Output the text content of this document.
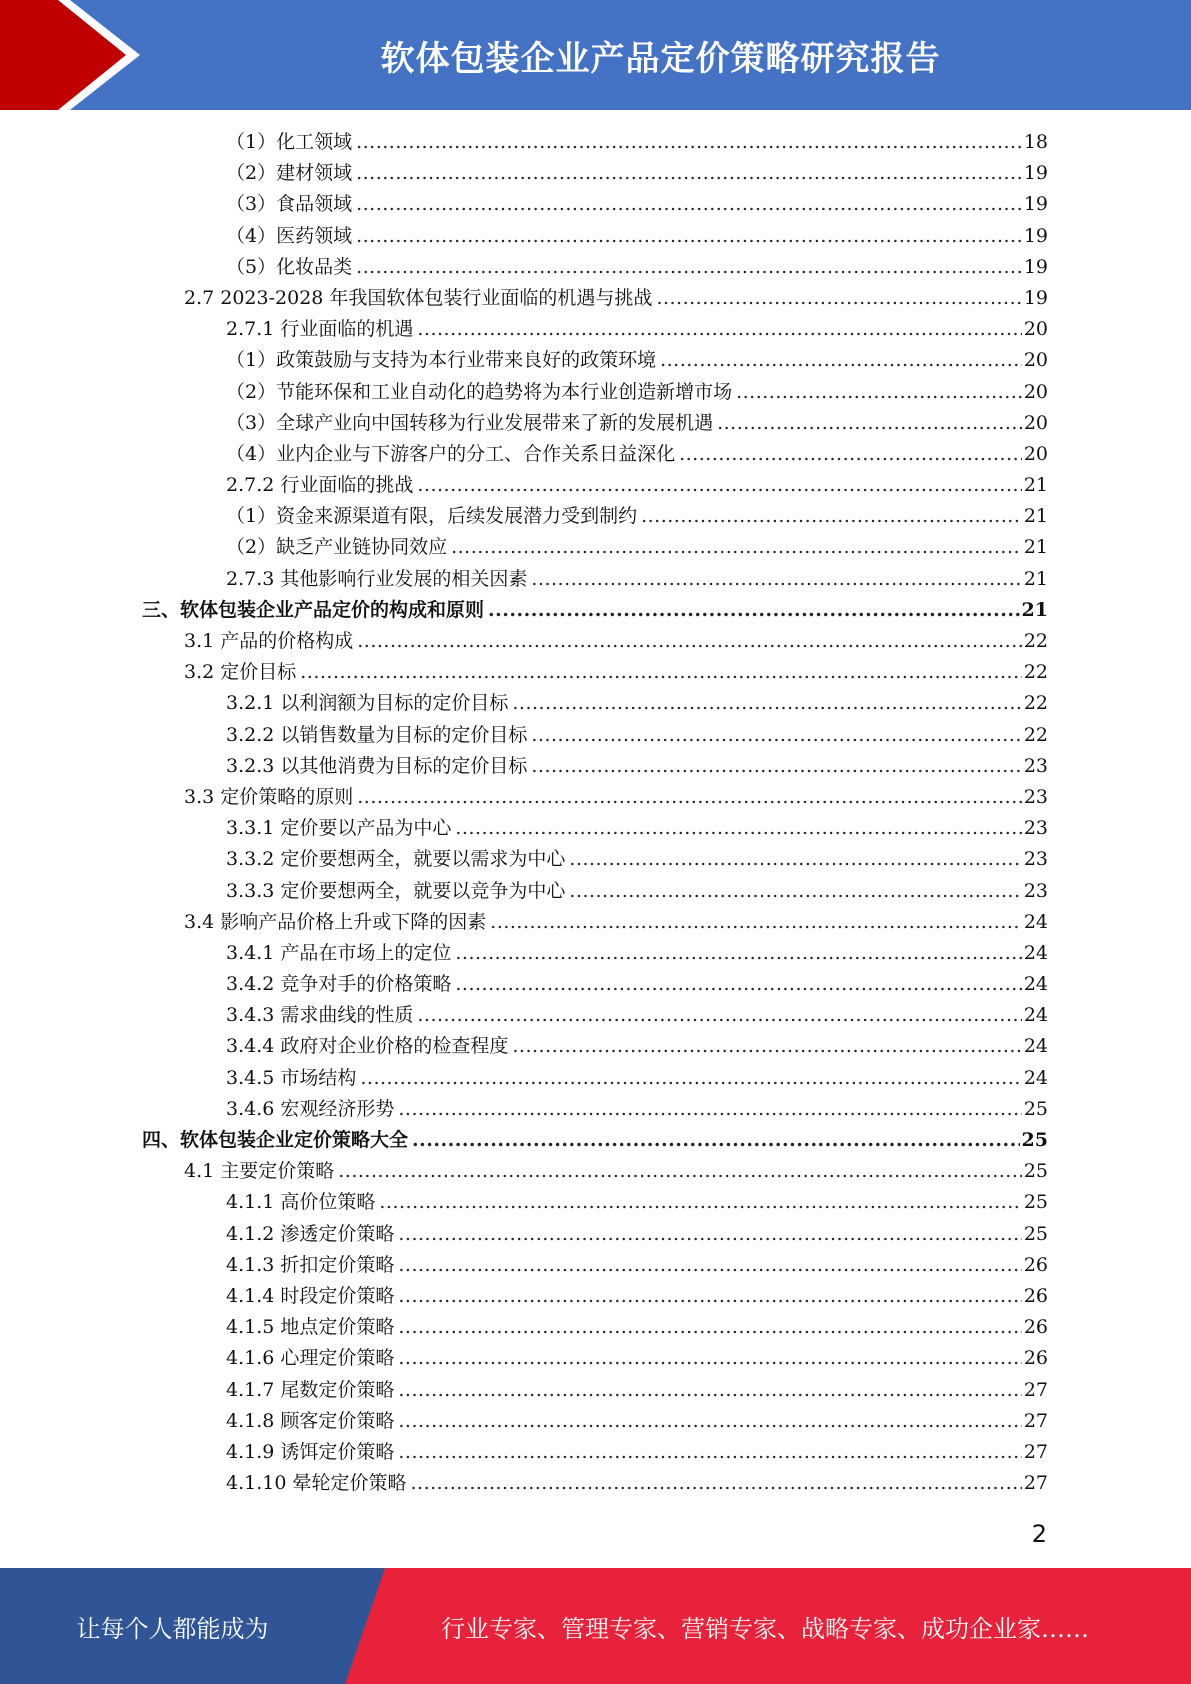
软体包装企业产品定价策略研究报告
（1）化工领域 .....	18
（2）建材领域 .....	19
（3）食品领域 .....	19
（4）医药领域 .....	19
（5）化妆品类 .....	19
2.7 2023-2028 年我国软体包装行业面临的机遇与挑战 .....	19
2.7.1 行业面临的机遇 .....	20
（1）政策鼓励与支持为本行业带来良好的政策环境 .....	20
（2）节能环保和工业自动化的趋势将为本行业创造新增市场 .....	20
（3）全球产业向中国转移为行业发展带来了新的发展机遇 .....	20
（4）业内企业与下游客户的分工、合作关系日益深化 .....	20
2.7.2 行业面临的挑战 .....	21
（1）资金来源渠道有限，后续发展潜力受到制约 .....	21
（2）缺乏产业链协同效应 .....	21
2.7.3 其他影响行业发展的相关因素 .....	21
三、软体包装企业产品定价的构成和原则 .....	21
3.1 产品的价格构成 .....	22
3.2 定价目标 .....	22
3.2.1 以利润额为目标的定价目标 .....	22
3.2.2 以销售数量为目标的定价目标 .....	22
3.2.3 以其他消费为目标的定价目标 .....	23
3.3 定价策略的原则 .....	23
3.3.1 定价要以产品为中心 .....	23
3.3.2 定价要想两全，就要以需求为中心 .....	23
3.3.3 定价要想两全，就要以竞争为中心 .....	23
3.4 影响产品价格上升或下降的因素 .....	24
3.4.1 产品在市场上的定位 .....	24
3.4.2 竞争对手的价格策略 .....	24
3.4.3 需求曲线的性质 .....	24
3.4.4 政府对企业价格的检查程度 .....	24
3.4.5 市场结构 .....	24
3.4.6 宏观经济形势 .....	25
四、软体包装企业定价策略大全 .....	25
4.1 主要定价策略 .....	25
4.1.1 高价位策略 .....	25
4.1.2 渗透定价策略 .....	25
4.1.3 折扣定价策略 .....	26
4.1.4 时段定价策略 .....	26
4.1.5 地点定价策略 .....	26
4.1.6 心理定价策略 .....	26
4.1.7 尾数定价策略 .....	27
4.1.8 顾客定价策略 .....	27
4.1.9 诱饵定价策略 .....	27
4.1.10 晕轮定价策略 .....	27
2
让每个人都能成为	行业专家、管理专家、营销专家、战略专家、成功企业家……
